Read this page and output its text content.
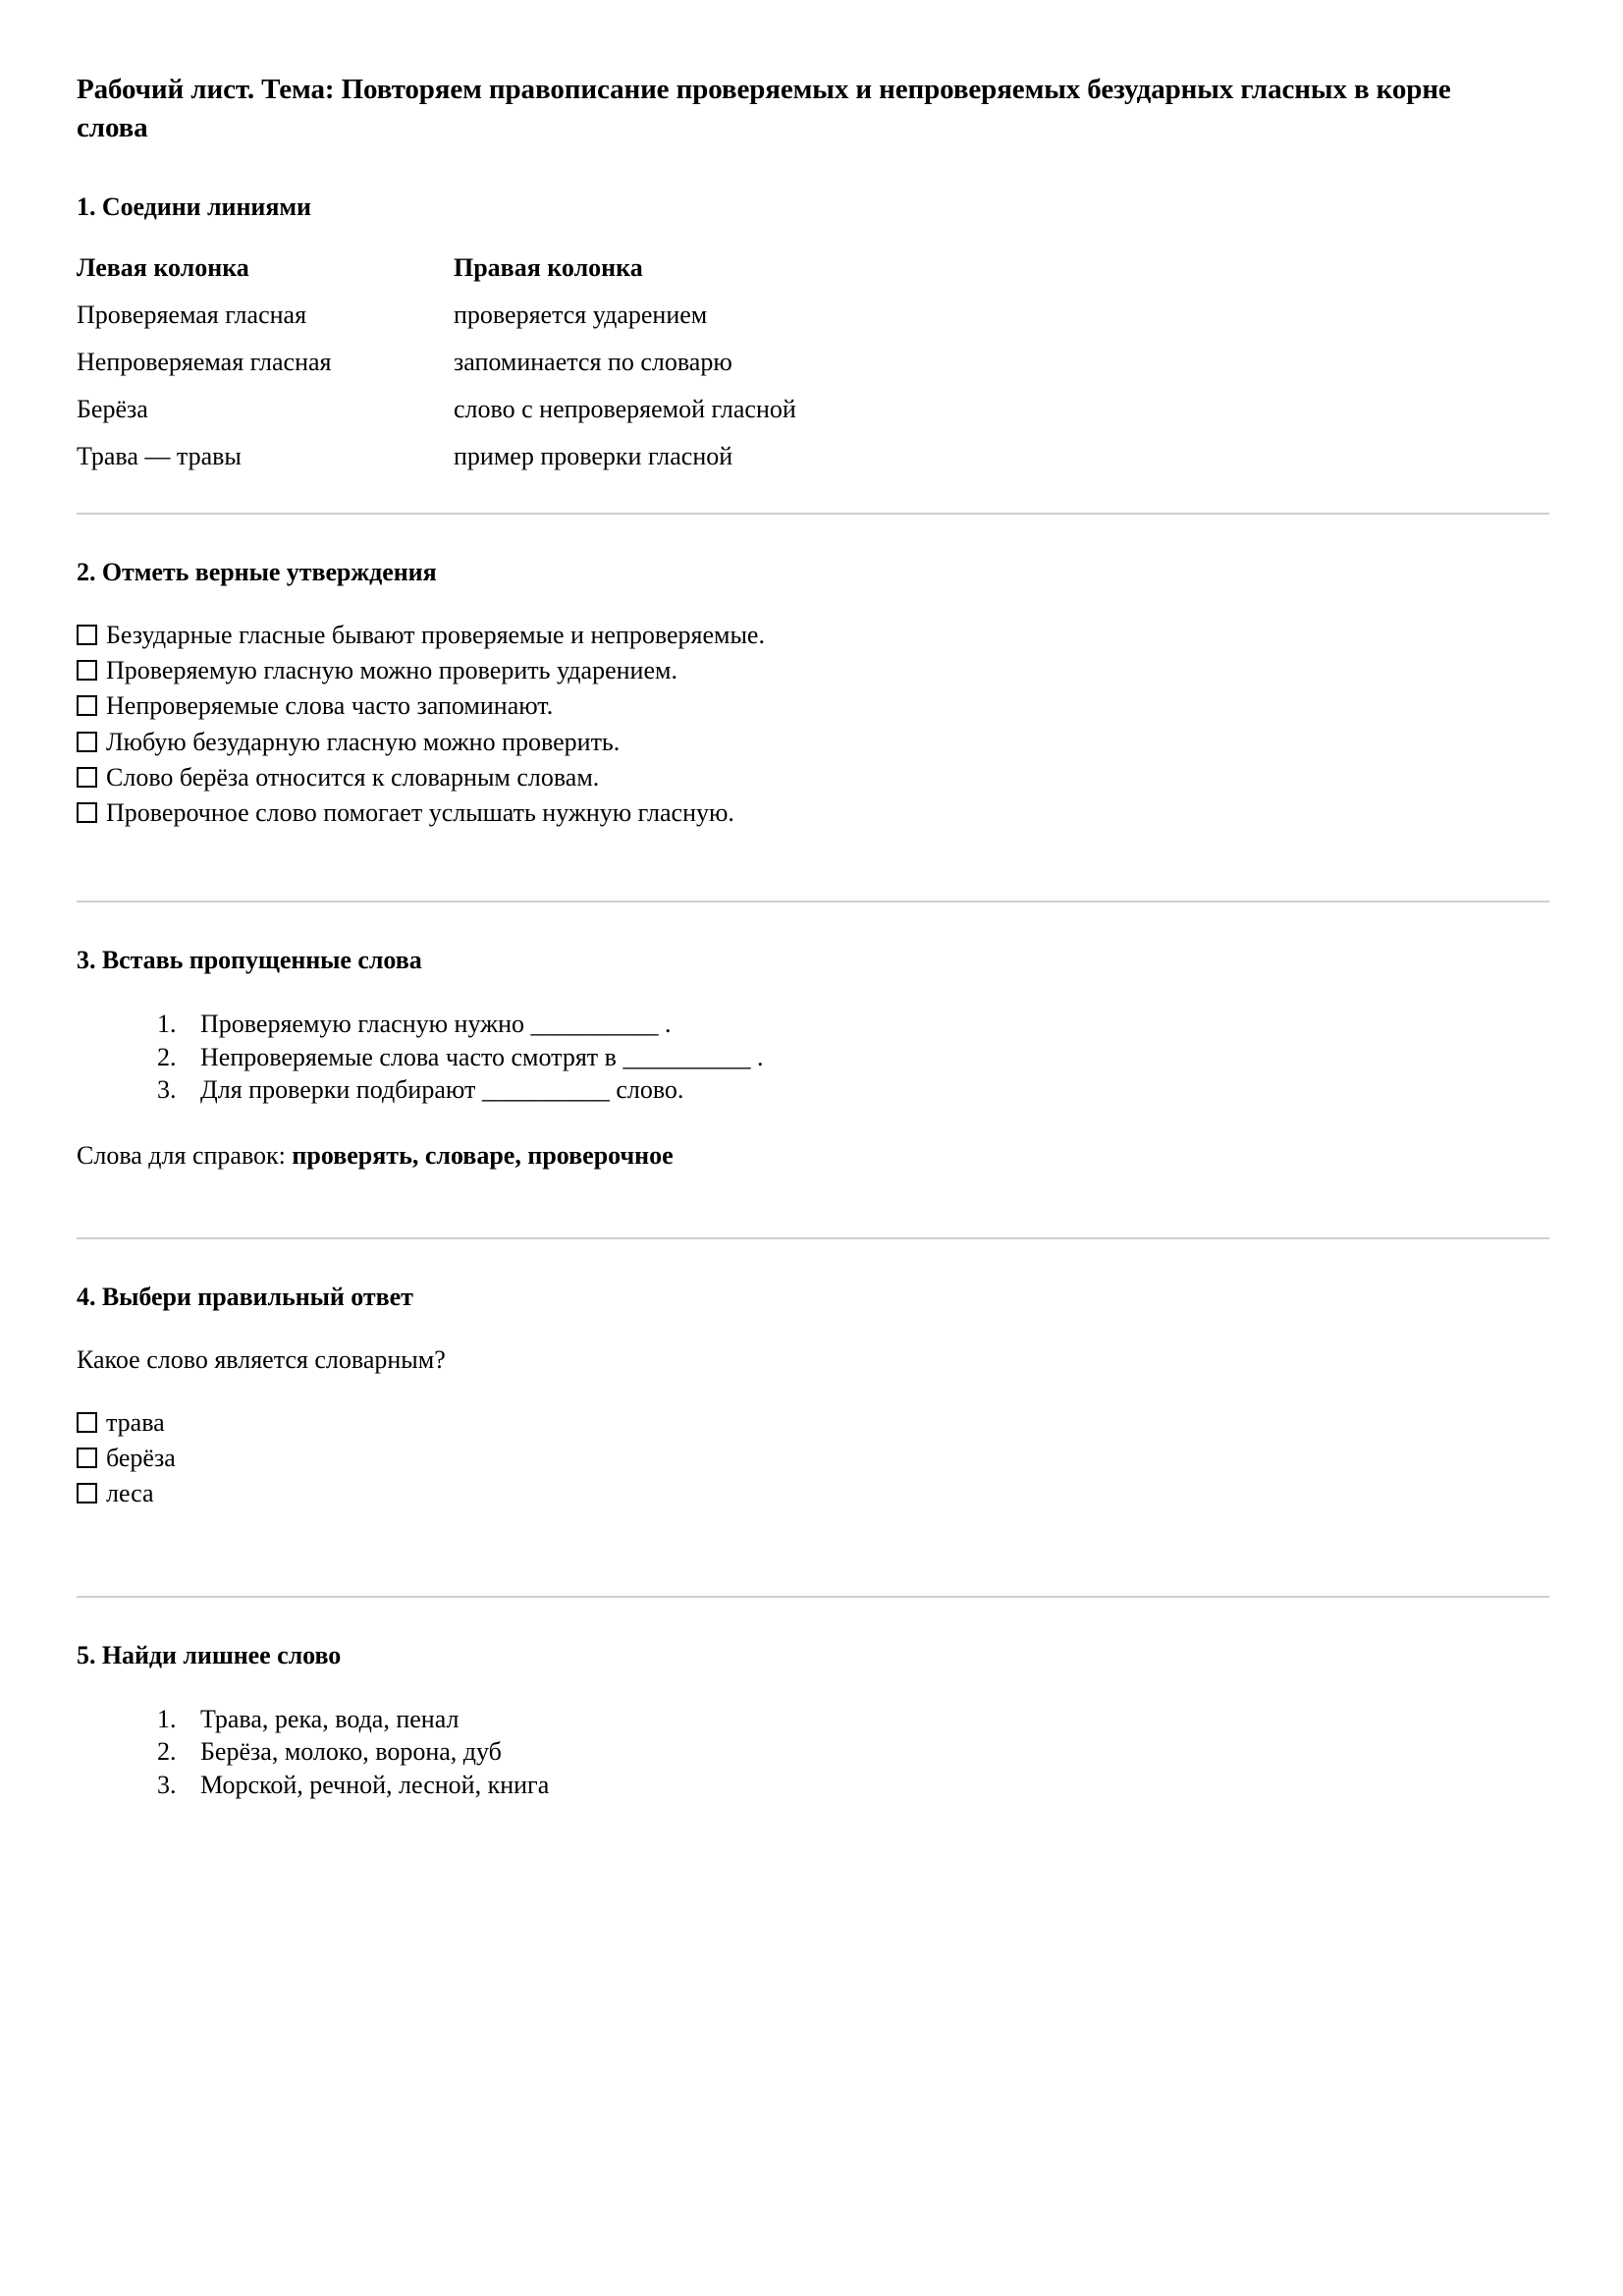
Рабочий лист. Тема: Повторяем правописание проверяемых и непроверяемых безударных гласных в корне слова
1. Соедини линиями
Левая колонка	Правая колонка
Проверяемая гласная	проверяется ударением
Непроверяемая гласная	запоминается по словарю
Берёза	слово с непроверяемой гласной
Трава — травы	пример проверки гласной
2. Отметь верные утверждения
Безударные гласные бывают проверяемые и непроверяемые.
Проверяемую гласную можно проверить ударением.
Непроверяемые слова часто запоминают.
Любую безударную гласную можно проверить.
Слово берёза относится к словарным словам.
Проверочное слово помогает услышать нужную гласную.
3. Вставь пропущенные слова
1. Проверяемую гласную нужно __________ .
2. Непроверяемые слова часто смотрят в __________ .
3. Для проверки подбирают __________ слово.

Слова для справок: проверять, словаре, проверочное

4. Выбери правильный ответ

Какое слово является словарным?

трава
берёза
леса
5. Найди лишнее слово
1. Трава, река, вода, пенал
2. Берёза, молоко, ворона, дуб
3. Морской, речной, лесной, книга
